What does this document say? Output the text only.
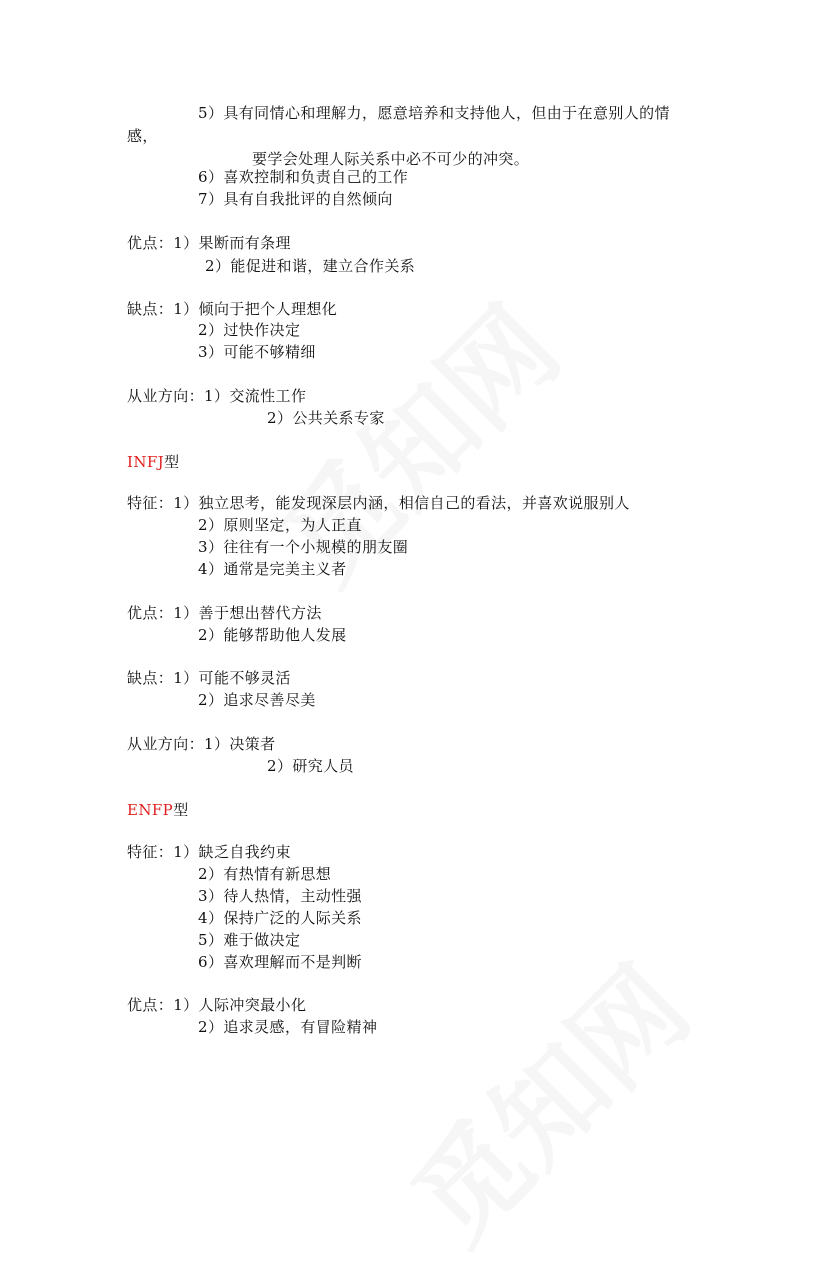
5）具有同情心和理解力，愿意培养和支持他人，但由于在意别人的情
感，
要学会处理人际关系中必不可少的冲突。
6）喜欢控制和负责自己的工作
7）具有自我批评的自然倾向
优点：1）果断而有条理
2）能促进和谐，建立合作关系
缺点：1）倾向于把个人理想化
2）过快作决定
3）可能不够精细
从业方向：1）交流性工作
2）公共关系专家
INFJ型
特征：1）独立思考，能发现深层内涵，相信自己的看法，并喜欢说服别人
2）原则坚定，为人正直
3）往往有一个小规模的朋友圈
4）通常是完美主义者
优点：1）善于想出替代方法
2）能够帮助他人发展
缺点：1）可能不够灵活
2）追求尽善尽美
从业方向：1）决策者
2）研究人员
ENFP型
特征：1）缺乏自我约束
2）有热情有新思想
3）待人热情，主动性强
4）保持广泛的人际关系
5）难于做决定
6）喜欢理解而不是判断
优点：1）人际冲突最小化
2）追求灵感，有冒险精神
